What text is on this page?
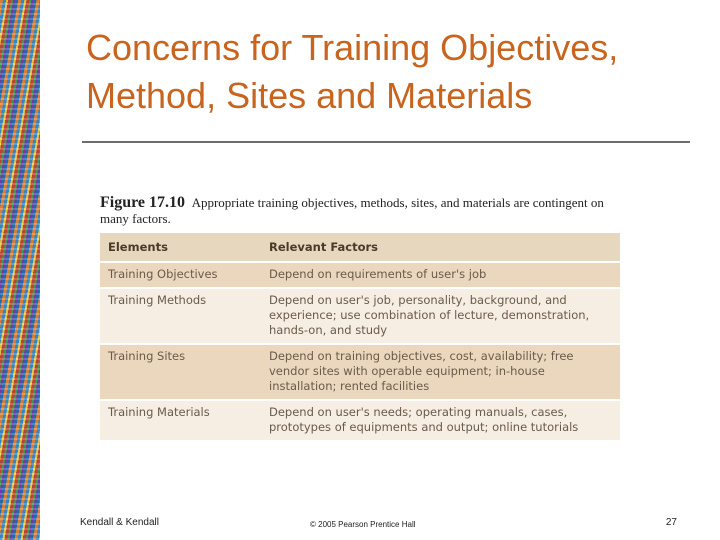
Concerns for Training Objectives,
Method, Sites and Materials
Figure 17.10 Appropriate training objectives, methods, sites, and materials are contingent on many factors.
Elements	Relevant Factors
Training Objectives	Depend on requirements of user's job
Training Methods	Depend on user's job, personality, background, and experience; use combination of lecture, demonstration, hands-on, and study
Training Sites	Depend on training objectives, cost, availability; free vendor sites with operable equipment; in-house installation; rented facilities
Training Materials	Depend on user's needs; operating manuals, cases, prototypes of equipments and output; online tutorials
Kendall & Kendall	© 2005 Pearson Prentice Hall	27
